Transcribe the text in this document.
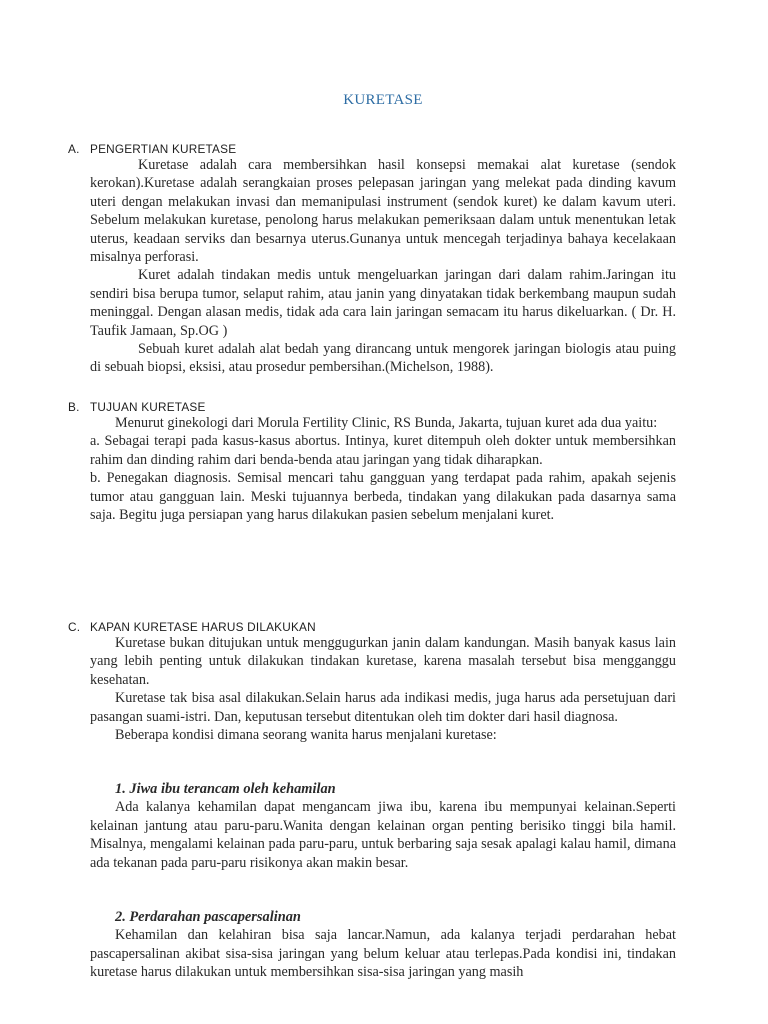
KURETASE
A. PENGERTIAN KURETASE

Kuretase adalah cara membersihkan hasil konsepsi memakai alat kuretase (sendok kerokan).Kuretase adalah serangkaian proses pelepasan jaringan yang melekat pada dinding kavum uteri dengan melakukan invasi dan memanipulasi instrument (sendok kuret) ke dalam kavum uteri. Sebelum melakukan kuretase, penolong harus melakukan pemeriksaan dalam untuk menentukan letak uterus, keadaan serviks dan besarnya uterus.Gunanya untuk mencegah terjadinya bahaya kecelakaan misalnya perforasi.

Kuret adalah tindakan medis untuk mengeluarkan jaringan dari dalam rahim.Jaringan itu sendiri bisa berupa tumor, selaput rahim, atau janin yang dinyatakan tidak berkembang maupun sudah meninggal. Dengan alasan medis, tidak ada cara lain jaringan semacam itu harus dikeluarkan. ( Dr. H. Taufik Jamaan, Sp.OG )

Sebuah kuret adalah alat bedah yang dirancang untuk mengorek jaringan biologis atau puing di sebuah biopsi, eksisi, atau prosedur pembersihan.(Michelson, 1988).

B. TUJUAN KURETASE

Menurut ginekologi dari Morula Fertility Clinic, RS Bunda, Jakarta, tujuan kuret ada dua yaitu:

a. Sebagai terapi pada kasus-kasus abortus. Intinya, kuret ditempuh oleh dokter untuk membersihkan rahim dan dinding rahim dari benda-benda atau jaringan yang tidak diharapkan.

b. Penegakan diagnosis. Semisal mencari tahu gangguan yang terdapat pada rahim, apakah sejenis tumor atau gangguan lain. Meski tujuannya berbeda, tindakan yang dilakukan pada dasarnya sama saja. Begitu juga persiapan yang harus dilakukan pasien sebelum menjalani kuret.

C. KAPAN KURETASE HARUS DILAKUKAN

Kuretase bukan ditujukan untuk menggugurkan janin dalam kandungan. Masih banyak kasus lain yang lebih penting untuk dilakukan tindakan kuretase, karena masalah tersebut bisa mengganggu kesehatan.

Kuretase tak bisa asal dilakukan.Selain harus ada indikasi medis, juga harus ada persetujuan dari pasangan suami-istri. Dan, keputusan tersebut ditentukan oleh tim dokter dari hasil diagnosa.

Beberapa kondisi dimana seorang wanita harus menjalani kuretase:

1. Jiwa ibu terancam oleh kehamilan

Ada kalanya kehamilan dapat mengancam jiwa ibu, karena ibu mempunyai kelainan.Seperti kelainan jantung atau paru-paru.Wanita dengan kelainan organ penting berisiko tinggi bila hamil. Misalnya, mengalami kelainan pada paru-paru, untuk berbaring saja sesak apalagi kalau hamil, dimana ada tekanan pada paru-paru risikonya akan makin besar.

2. Perdarahan pascapersalinan

Kehamilan dan kelahiran bisa saja lancar.Namun, ada kalanya terjadi perdarahan hebat pascapersalinan akibat sisa-sisa jaringan yang belum keluar atau terlepas.Pada kondisi ini, tindakan kuretase harus dilakukan untuk membersihkan sisa-sisa jaringan yang masih
